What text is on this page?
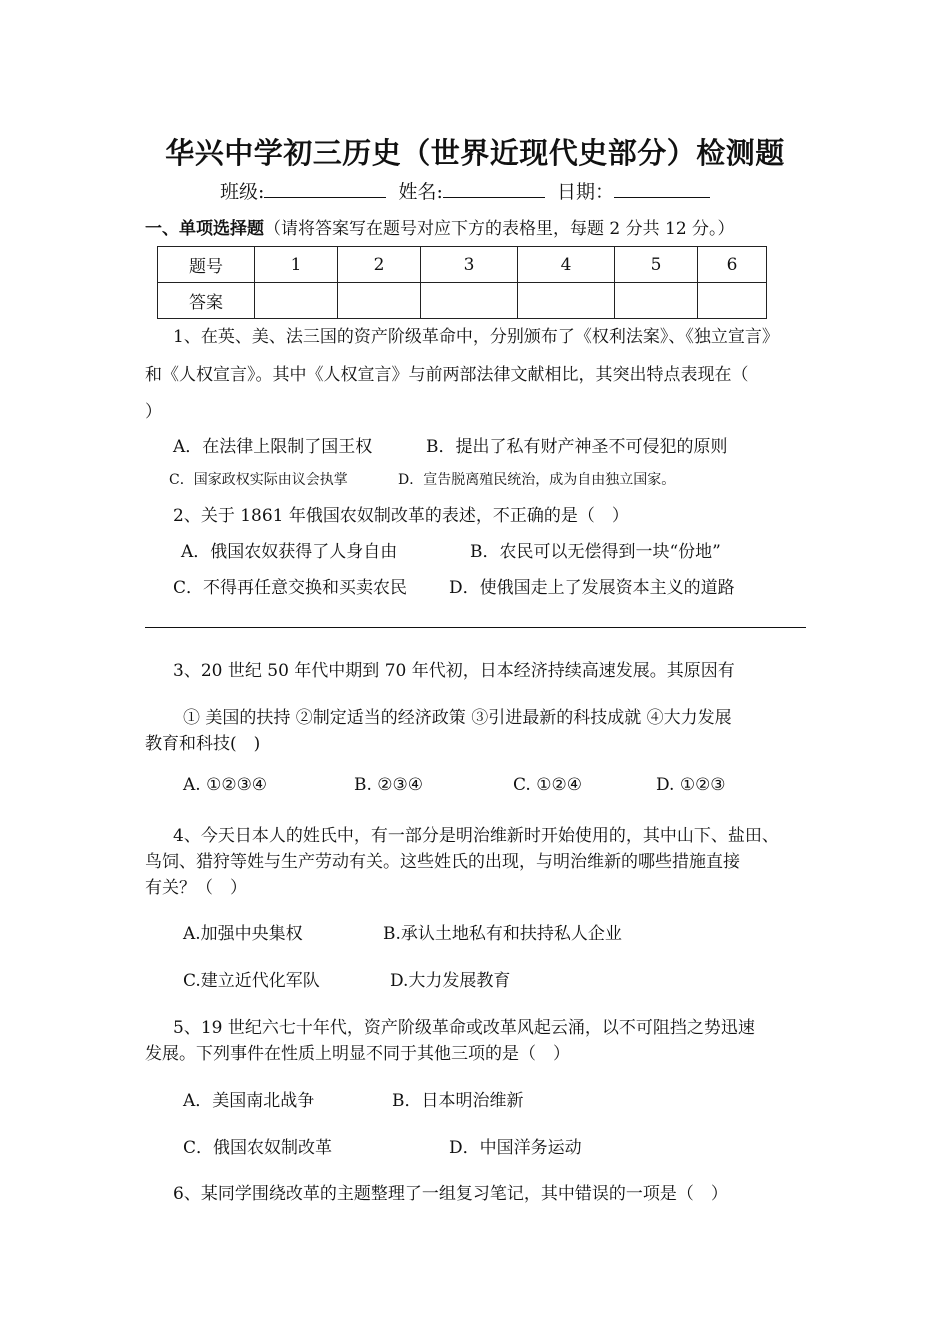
华兴中学初三历史（世界近现代史部分）检测题
班级:	姓名:	日期：
一、单项选择题（请将答案写在题号对应下方的表格里，每题 2 分共 12 分。）
题号	1	2	3	4	5	6
答案						
1、在英、美、法三国的资产阶级革命中，分别颁布了《权利法案》、《独立宣言》
和《人权宣言》。其中《人权宣言》与前两部法律文献相比，其突出特点表现在（
）
A．在法律上限制了国王权	B．提出了私有财产神圣不可侵犯的原则
C．国家政权实际由议会执掌	D．宣告脱离殖民统治，成为自由独立国家。
2、关于 1861 年俄国农奴制改革的表述，不正确的是（　）
A．俄国农奴获得了人身自由	B．农民可以无偿得到一块“份地”
C．不得再任意交换和买卖农民 D．使俄国走上了发展资本主义的道路
3、20 世纪 50 年代中期到 70 年代初，日本经济持续高速发展。其原因有
① 美国的扶持 ②制定适当的经济政策 ③引进最新的科技成就 ④大力发展
教育和科技(　)
A. ①②③④	B. ②③④	C. ①②④	D. ①②③
4、今天日本人的姓氏中，有一部分是明治维新时开始使用的，其中山下、盐田、
鸟饲、猎狩等姓与生产劳动有关。这些姓氏的出现，与明治维新的哪些措施直接
有关？（　）
A.加强中央集权	B.承认土地私有和扶持私人企业
C.建立近代化军队	D.大力发展教育
5、19 世纪六七十年代，资产阶级革命或改革风起云涌，以不可阻挡之势迅速
发展。下列事件在性质上明显不同于其他三项的是（　）
A．美国南北战争	B．日本明治维新
C．俄国农奴制改革	D．中国洋务运动
6、某同学围绕改革的主题整理了一组复习笔记，其中错误的一项是（　）
